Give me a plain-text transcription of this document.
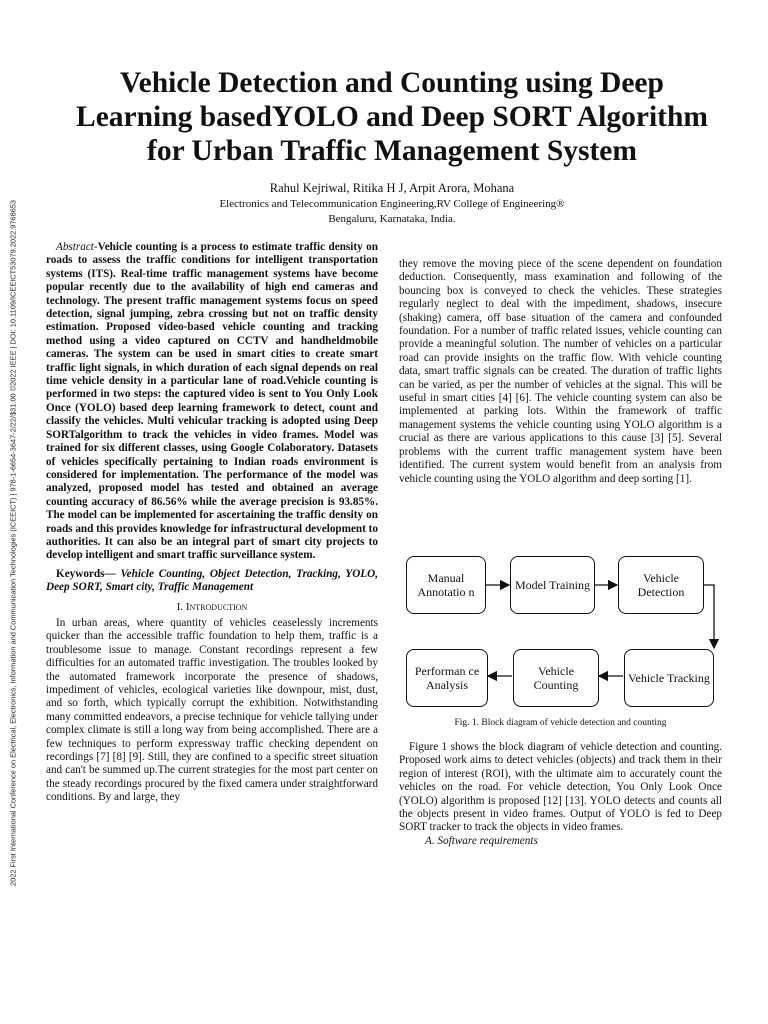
2022 First International Conference on Electrical, Electronics, Information and Communication Technologies (ICEEICT) | 978-1-6654-3647-2/22/$31.00 ©2022 IEEE | DOI: 10.1109/ICEEICT53079.2022.9768653
Vehicle Detection and Counting using Deep
Learning basedYOLO and Deep SORT Algorithm
for Urban Traffic Management System
Rahul Kejriwal, Ritika H J, Arpit Arora, Mohana
Electronics and Telecommunication Engineering,RV College of Engineering®
Bengaluru, Karnataka, India.

Abstract-Vehicle counting is a process to estimate traffic density on roads to assess the traffic conditions for intelligent transportation systems (ITS). Real-time traffic management systems have become popular recently due to the availability of high end cameras and technology. The present traffic management systems focus on speed detection, signal jumping, zebra crossing but not on traffic density estimation. Proposed video-based vehicle counting and tracking method using a video captured on CCTV and handheldmobile cameras. The system can be used in smart cities to create smart traffic light signals, in which duration of each signal depends on real time vehicle density in a particular lane of road.Vehicle counting is performed in two steps: the captured video is sent to You Only Look Once (YOLO) based deep learning framework to detect, count and classify the vehicles. Multi vehicular tracking is adopted using Deep SORTalgorithm to track the vehicles in video frames. Model was trained for six different classes, using Google Colaboratory. Datasets of vehicles specifically pertaining to Indian roads environment is considered for implementation. The performance of the model was analyzed, proposed model has tested and obtained an average counting accuracy of 86.56% while the average precision is 93.85%. The model can be implemented for ascertaining the traffic density on roads and this provides knowledge for infrastructural development to authorities. It can also be an integral part of smart city projects to develop intelligent and smart traffic surveillance system.

Keywords— Vehicle Counting, Object Detection, Tracking, YOLO, Deep SORT, Smart city, Traffic Management

I. Introduction

In urban areas, where quantity of vehicles ceaselessly increments quicker than the accessible traffic foundation to help them, traffic is a troublesome issue to manage. Constant recordings represent a few difficulties for an automated traffic investigation. The troubles looked by the automated framework incorporate the presence of shadows, impediment of vehicles, ecological varieties like downpour, mist, dust, and so forth, which typically corrupt the exhibition. Notwithstanding many committed endeavors, a precise technique for vehicle tallying under complex climate is still a long way from being accomplished. There are a few techniques to perform expressway traffic checking dependent on recordings [7] [8] [9]. Still, they are confined to a specific street situation and can't be summed up.The current strategies for the most part center on the steady recordings procured by the fixed camera under straightforward conditions. By and large, they

they remove the moving piece of the scene dependent on foundation deduction. Consequently, mass examination and following of the bouncing box is conveyed to check the vehicles. These strategies regularly neglect to deal with the impediment, shadows, insecure (shaking) camera, off base situation of the camera and confounded foundation. For a number of traffic related issues, vehicle counting can provide a meaningful solution. The number of vehicles on a particular road can provide insights on the traffic flow. With vehicle counting data, smart traffic signals can be created. The duration of traffic lights can be varied, as per the number of vehicles at the signal. This will be useful in smart cities [4] [6]. The vehicle counting system can also be implemented at parking lots. Within the framework of traffic management systems the vehicle counting using YOLO algorithm is a crucial as there are various applications to this cause [3] [5]. Several problems with the current traffic management system have been identified. The current system would benefit from an analysis from vehicle counting using the YOLO algorithm and deep sorting [1].

Manual Annotatio n	Model Training	Vehicle Detection
Vehicle Tracking
Vehicle Counting
Performan ce Analysis
Fig. 1. Block diagram of vehicle detection and counting

Figure 1 shows the block diagram of vehicle detection and counting. Proposed work aims to detect vehicles (objects) and track them in their region of interest (ROI), with the ultimate aim to accurately count the vehicles on the road. For vehicle detection, You Only Look Once (YOLO) algorithm is proposed [12] [13]. YOLO detects and counts all the objects present in video frames. Output of YOLO is fed to Deep SORT tracker to track the objects in video frames.

A. Software requirements
